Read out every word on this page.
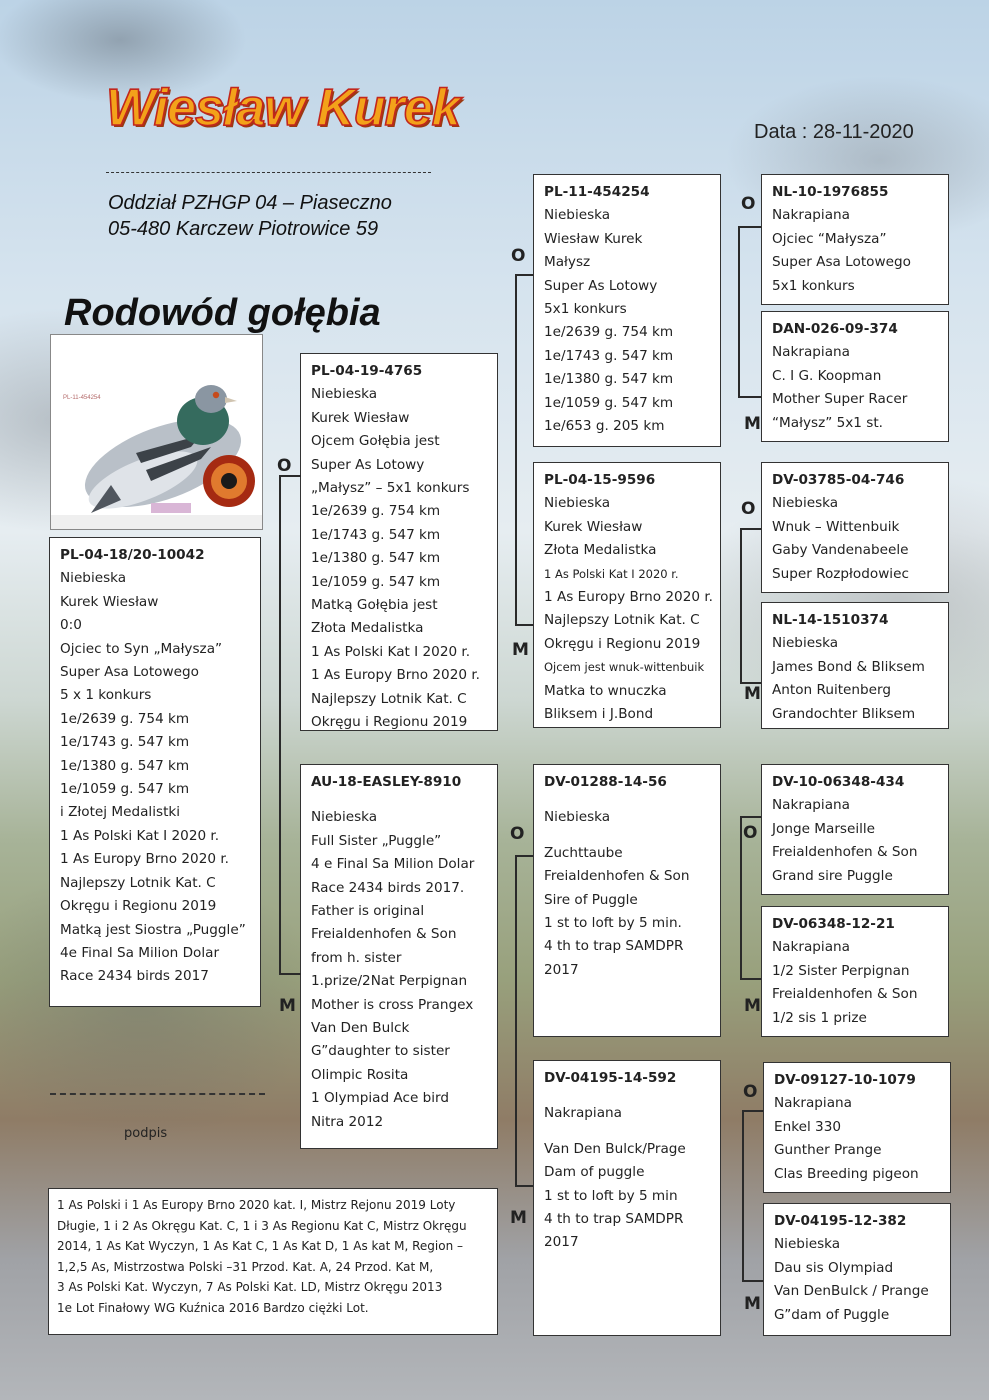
Wiesław Kurek	Data : 28-11-2020
Oddział PZHGP 04 – Piaseczno
05-480 Karczew Piotrowice 59
Rodowód gołębia
PL-11-454254
PL-04-18/20-10042
Niebieska
Kurek Wiesław
0:0
Ojciec to Syn „Małysza”
Super Asa Lotowego
5 x 1 konkurs
1e/2639 g. 754 km
1e/1743 g. 547 km
1e/1380 g. 547 km
1e/1059 g. 547 km
i Złotej Medalistki
1 As Polski Kat I 2020 r.
1 As Europy Brno 2020 r.
Najlepszy Lotnik Kat. C
Okręgu i Regionu 2019
Matką jest Siostra „Puggle”
4e Final Sa Milion Dolar
Race 2434 birds 2017
PL-04-19-4765
Niebieska
Kurek Wiesław
Ojcem Gołębia jest
Super As Lotowy
„Małysz” – 5x1 konkurs
1e/2639 g. 754 km
1e/1743 g. 547 km
1e/1380 g. 547 km
1e/1059 g. 547 km
Matką Gołębia jest
Złota Medalistka
1 As Polski Kat I 2020 r.
1 As Europy Brno 2020 r.
Najlepszy Lotnik Kat. C
Okręgu i Regionu 2019
AU-18-EASLEY-8910
Niebieska
Full Sister „Puggle”
4 e Final Sa Milion Dolar
Race 2434 birds 2017.
Father is original
Freialdenhofen & Son
from h. sister
1.prize/2Nat Perpignan
Mother is cross Prangex
Van Den Bulck
G”daughter to sister
Olimpic Rosita
1 Olympiad Ace bird
Nitra 2012
PL-11-454254
Niebieska
Wiesław Kurek
Małysz
Super As Lotowy
5x1 konkurs
1e/2639 g. 754 km
1e/1743 g. 547 km
1e/1380 g. 547 km
1e/1059 g. 547 km
1e/653 g. 205 km
PL-04-15-9596
Niebieska
Kurek Wiesław
Złota Medalistka
1 As Polski Kat I 2020 r.
1 As Europy Brno 2020 r.
Najlepszy Lotnik Kat. C
Okręgu i Regionu 2019
Ojcem jest wnuk-wittenbuik
Matka to wnuczka
Bliksem i J.Bond
DV-01288-14-56
Niebieska
Zuchttaube
Freialdenhofen & Son
Sire of Puggle
1 st to loft by 5 min.
4 th to trap SAMDPR
2017
DV-04195-14-592
Nakrapiana
Van Den Bulck/Prage
Dam of puggle
1 st to loft by 5 min
4 th to trap SAMDPR
2017
NL-10-1976855
Nakrapiana
Ojciec “Małysza”
Super Asa Lotowego
5x1 konkurs
DAN-026-09-374
Nakrapiana
C. I G. Koopman
Mother Super Racer
“Małysz” 5x1 st.
DV-03785-04-746
Niebieska
Wnuk – Wittenbuik
Gaby Vandenabeele
Super Rozpłodowiec
NL-14-1510374
Niebieska
James Bond & Bliksem
Anton Ruitenberg
Grandochter Bliksem
DV-10-06348-434
Nakrapiana
Jonge Marseille
Freialdenhofen & Son
Grand sire Puggle
DV-06348-12-21
Nakrapiana
1/2 Sister Perpignan
Freialdenhofen & Son
1/2 sis 1 prize
DV-09127-10-1079
Nakrapiana
Enkel 330
Gunther Prange
Clas Breeding pigeon
DV-04195-12-382
Niebieska
Dau sis Olympiad
Van DenBulck / Prange
G”dam of Puggle
O
M
O
M
O
M
O
M
O
M
O
M
O
M
podpis
1 As Polski i 1 As Europy Brno 2020 kat. I, Mistrz Rejonu 2019 Loty
Długie, 1 i 2 As Okręgu Kat. C, 1 i 3 As Regionu Kat C, Mistrz Okręgu
2014, 1 As Kat Wyczyn, 1 As Kat C, 1 As Kat D, 1 As kat M, Region –
1,2,5 As, Mistrzostwa Polski –31 Przod. Kat. A, 24 Przod. Kat M,
3 As Polski Kat. Wyczyn, 7 As Polski Kat. LD, Mistrz Okręgu 2013
1e Lot Finałowy WG Kuźnica 2016 Bardzo ciężki Lot.
